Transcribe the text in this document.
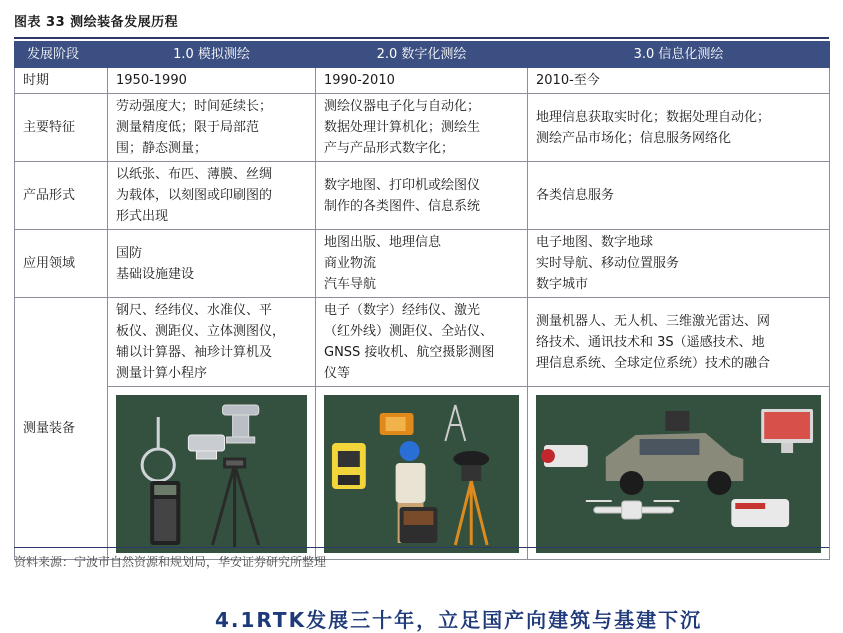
图表 33 测绘装备发展历程
发展阶段	1.0 模拟测绘	2.0 数字化测绘	3.0 信息化测绘
时期	1950-1990	1990-2010	2010-至今
主要特征	劳动强度大；时间延续长；
测量精度低；限于局部范
围；静态测量；	测绘仪器电子化与自动化；
数据处理计算机化；测绘生
产与产品形式数字化；	地理信息获取实时化；数据处理自动化；
测绘产品市场化；信息服务网络化

产品形式	以纸张、布匹、薄膜、丝绸
为载体，以刻图或印刷图的
形式出现	数字地图、打印机或绘图仪
制作的各类图件、信息系统	各类信息服务

应用领域	国防
基础设施建设	地图出版、地理信息
商业物流
汽车导航	电子地图、数字地球
实时导航、移动位置服务
数字城市

测量装备	钢尺、经纬仪、水准仪、平
板仪、测距仪、立体测图仪，
辅以计算器、袖珍计算机及
测量计算小程序	电子（数字）经纬仪、激光
（红外线）测距仪、全站仪、
GNSS 接收机、航空摄影测图
仪等	测量机器人、无人机、三维激光雷达、网
络技术、通讯技术和 3S（遥感技术、地
理信息系统、全球定位系统）技术的融合

资料来源：宁波市自然资源和规划局，华安证券研究所整理
4.1RTK发展三十年，立足国产向建筑与基建下沉
